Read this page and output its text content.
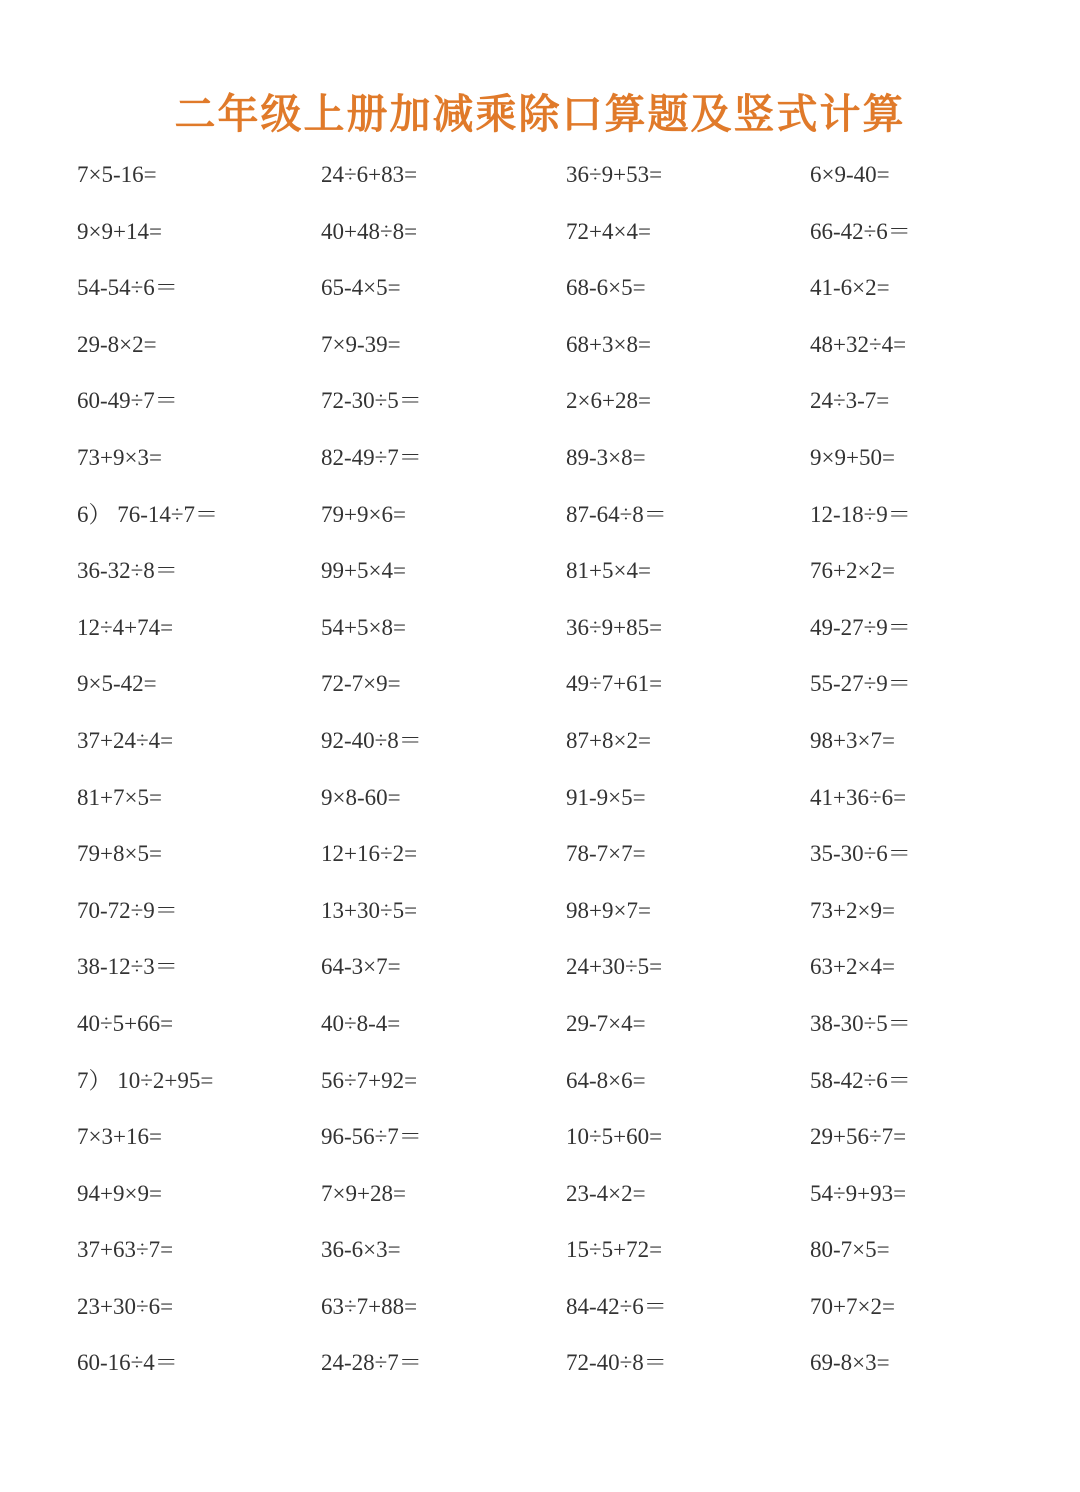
二年级上册加减乘除口算题及竖式计算
7×5-16=	24÷6+83=	36÷9+53=	6×9-40=
9×9+14=	40+48÷8=	72+4×4=	66-42÷6＝
54-54÷6＝	65-4×5=	68-6×5=	41-6×2=
29-8×2=	7×9-39=	68+3×8=	48+32÷4=
60-49÷7＝	72-30÷5＝	2×6+28=	24÷3-7=
73+9×3=	82-49÷7＝	89-3×8=	9×9+50=
6） 76-14÷7＝	79+9×6=	87-64÷8＝	12-18÷9＝
36-32÷8＝	99+5×4=	81+5×4=	76+2×2=
12÷4+74=	54+5×8=	36÷9+85=	49-27÷9＝
9×5-42=	72-7×9=	49÷7+61=	55-27÷9＝
37+24÷4=	92-40÷8＝	87+8×2=	98+3×7=
81+7×5=	9×8-60=	91-9×5=	41+36÷6=
79+8×5=	12+16÷2=	78-7×7=	35-30÷6＝
70-72÷9＝	13+30÷5=	98+9×7=	73+2×9=
38-12÷3＝	64-3×7=	24+30÷5=	63+2×4=
40÷5+66=	40÷8-4=	29-7×4=	38-30÷5＝
7） 10÷2+95=	56÷7+92=	64-8×6=	58-42÷6＝
7×3+16=	96-56÷7＝	10÷5+60=	29+56÷7=
94+9×9=	7×9+28=	23-4×2=	54÷9+93=
37+63÷7=	36-6×3=	15÷5+72=	80-7×5=
23+30÷6=	63÷7+88=	84-42÷6＝	70+7×2=
60-16÷4＝	24-28÷7＝	72-40÷8＝	69-8×3=
